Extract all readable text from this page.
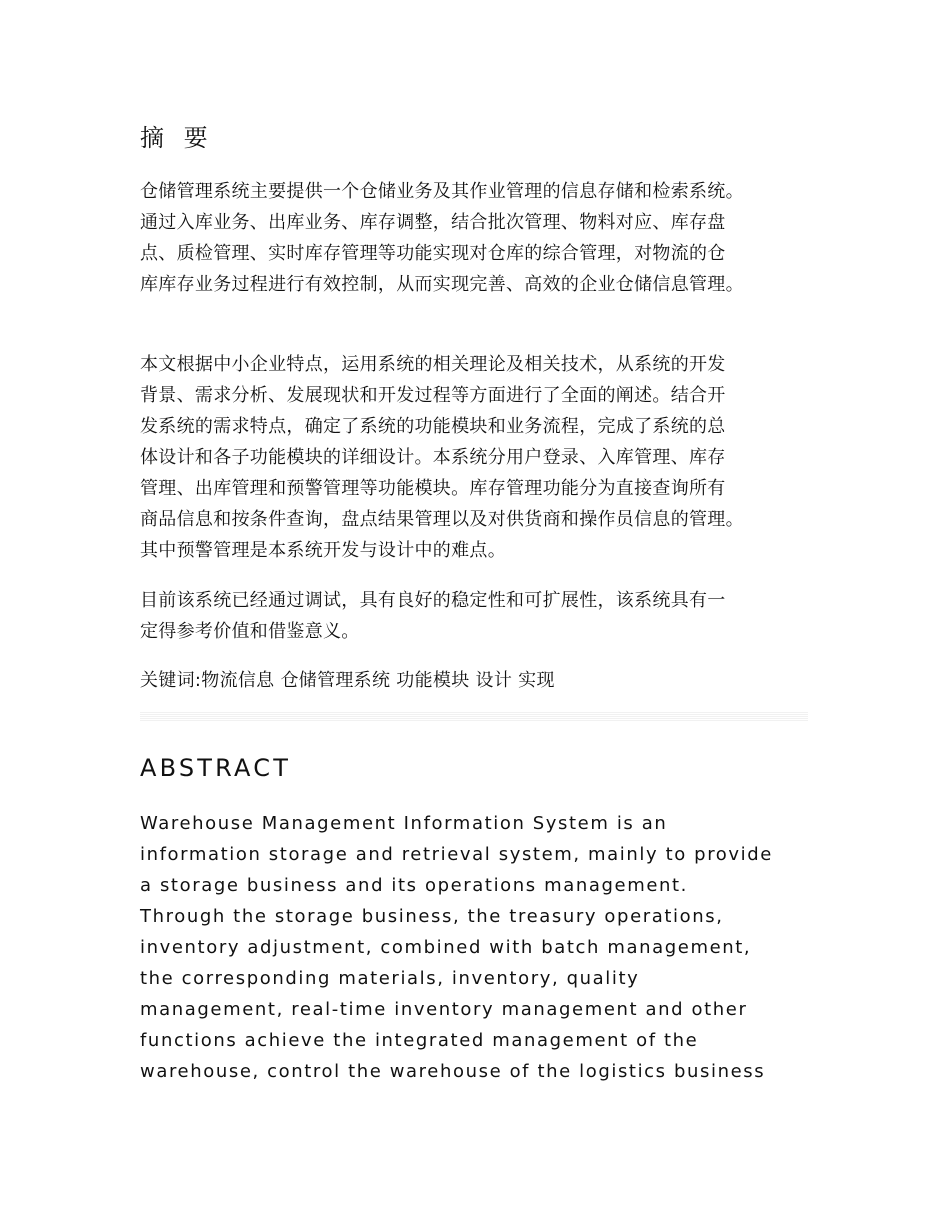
摘 要

仓储管理系统主要提供一个仓储业务及其作业管理的信息存储和检索系统。
通过入库业务、出库业务、库存调整，结合批次管理、物料对应、库存盘
点、质检管理、实时库存管理等功能实现对仓库的综合管理，对物流的仓
库库存业务过程进行有效控制，从而实现完善、高效的企业仓储信息管理。

本文根据中小企业特点，运用系统的相关理论及相关技术，从系统的开发
背景、需求分析、发展现状和开发过程等方面进行了全面的阐述。结合开
发系统的需求特点，确定了系统的功能模块和业务流程，完成了系统的总
体设计和各子功能模块的详细设计。本系统分用户登录、入库管理、库存
管理、出库管理和预警管理等功能模块。库存管理功能分为直接查询所有
商品信息和按条件查询，盘点结果管理以及对供货商和操作员信息的管理。
其中预警管理是本系统开发与设计中的难点。

目前该系统已经通过调试，具有良好的稳定性和可扩展性，该系统具有一
定得参考价值和借鉴意义。

关键词:物流信息 仓储管理系统 功能模块 设计 实现

ABSTRACT

Warehouse Management Information System is an
information storage and retrieval system, mainly to provide
a storage business and its operations management.
Through the storage business, the treasury operations,
inventory adjustment, combined with batch management,
the corresponding materials, inventory, quality
management, real-time inventory management and other
functions achieve the integrated management of the
warehouse, control the warehouse of the logistics business
